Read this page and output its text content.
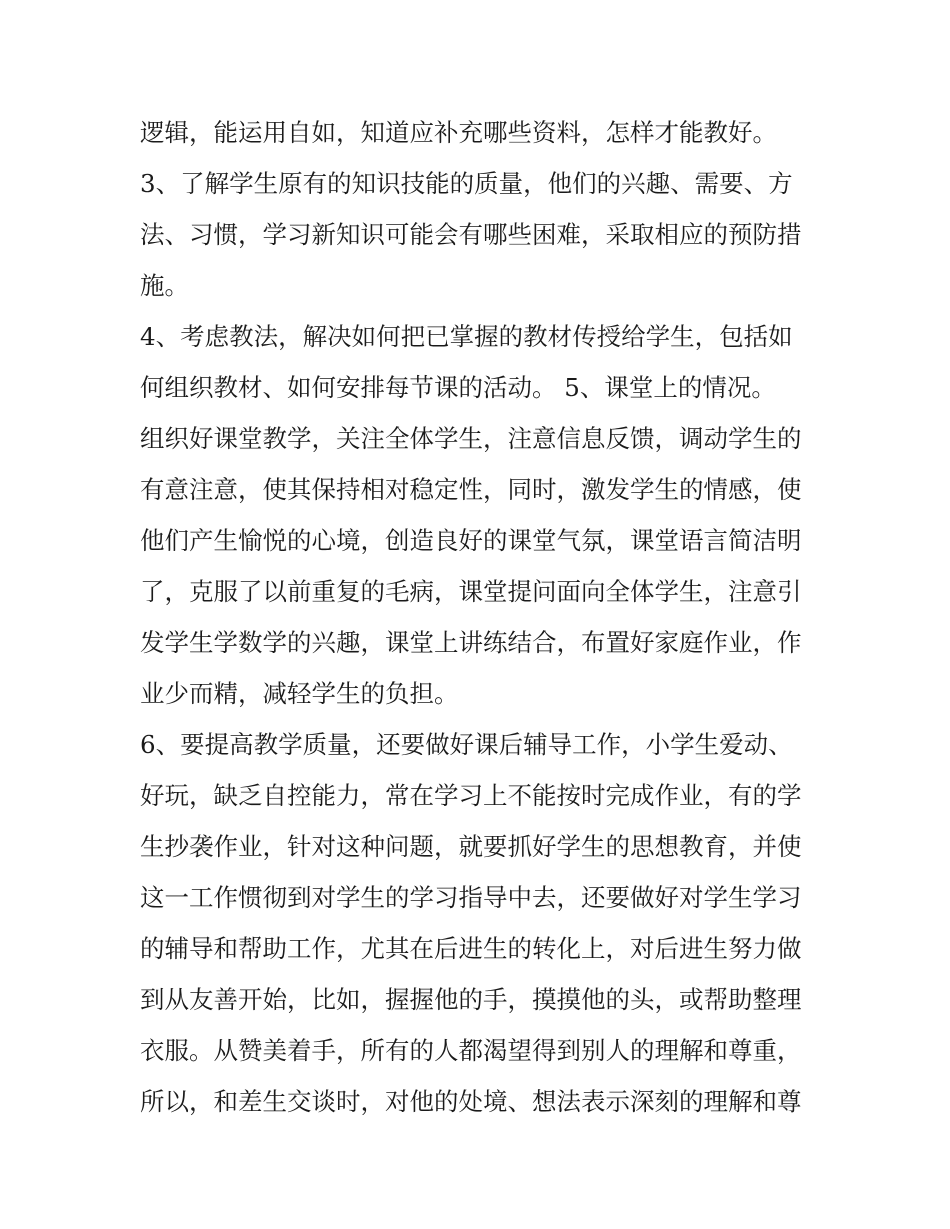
逻辑，能运用自如，知道应补充哪些资料，怎样才能教好。
3、了解学生原有的知识技能的质量，他们的兴趣、需要、方
法、习惯，学习新知识可能会有哪些困难，采取相应的预防措
施。
4、考虑教法，解决如何把已掌握的教材传授给学生，包括如
何组织教材、如何安排每节课的活动。 5、课堂上的情况。
组织好课堂教学，关注全体学生，注意信息反馈，调动学生的
有意注意，使其保持相对稳定性，同时，激发学生的情感，使
他们产生愉悦的心境，创造良好的课堂气氛，课堂语言简洁明
了，克服了以前重复的毛病，课堂提问面向全体学生，注意引
发学生学数学的兴趣，课堂上讲练结合，布置好家庭作业，作
业少而精，减轻学生的负担。
6、要提高教学质量，还要做好课后辅导工作，小学生爱动、
好玩，缺乏自控能力，常在学习上不能按时完成作业，有的学
生抄袭作业，针对这种问题，就要抓好学生的思想教育，并使
这一工作惯彻到对学生的学习指导中去，还要做好对学生学习
的辅导和帮助工作，尤其在后进生的转化上，对后进生努力做
到从友善开始，比如，握握他的手，摸摸他的头，或帮助整理
衣服。从赞美着手，所有的人都渴望得到别人的理解和尊重，
所以，和差生交谈时，对他的处境、想法表示深刻的理解和尊
